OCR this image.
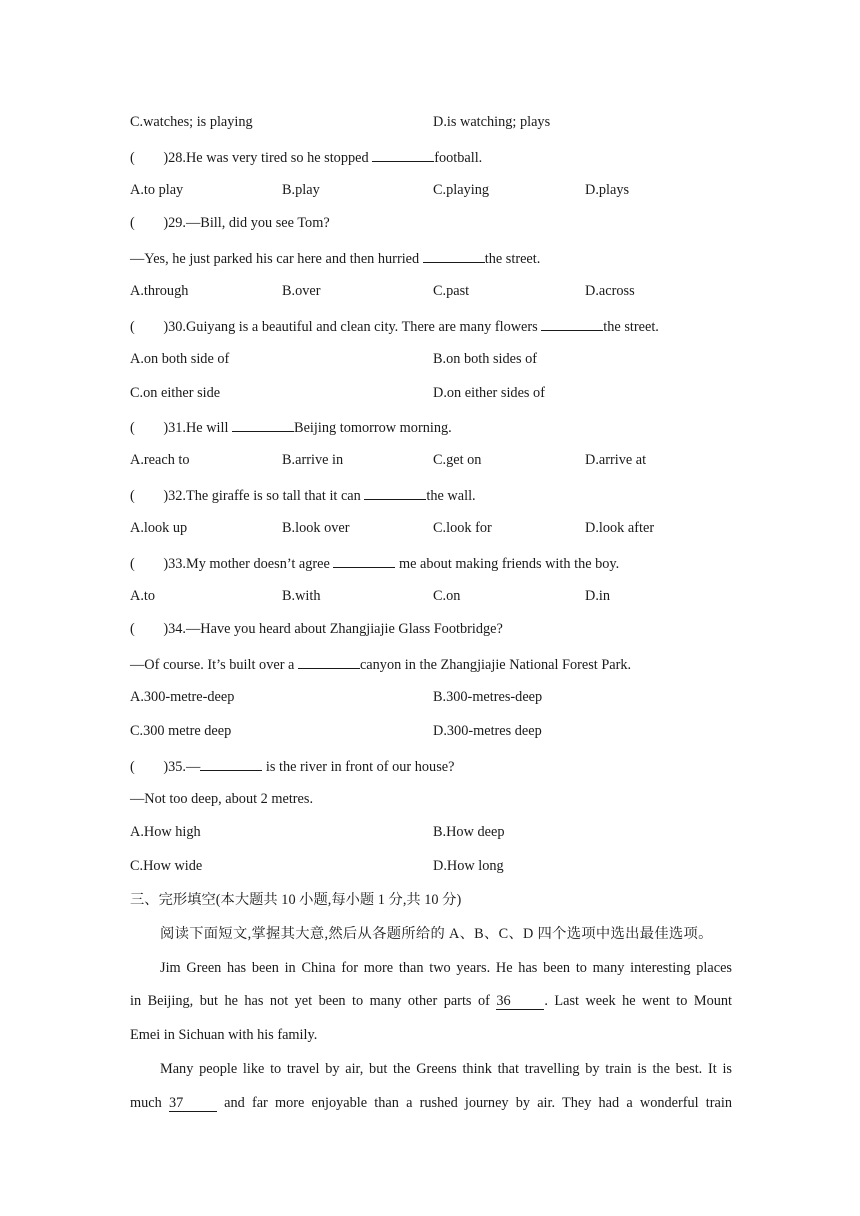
C.watches; is playing	D.is watching; plays
(　　)28.He was very tired so he stopped	football.
A.to play	B.play	C.playing	D.plays
(　　)29.—Bill, did you see Tom?
—Yes, he just parked his car here and then hurried	the street.
A.through	B.over	C.past	D.across
(　　)30.Guiyang is a beautiful and clean city. There are many flowers	the street.
A.on both side of	B.on both sides of
C.on either side	D.on either sides of
(　　)31.He will	Beijing tomorrow morning.
A.reach to	B.arrive in	C.get on	D.arrive at
(　　)32.The giraffe is so tall that it can	the wall.
A.look up	B.look over	C.look for	D.look after
(　　)33.My mother doesn’t agree	me about making friends with the boy.
A.to	B.with	C.on	D.in
(　　)34.—Have you heard about Zhangjiajie Glass Footbridge?
—Of course. It’s built over a	canyon in the Zhangjiajie National Forest Park.
A.300-metre-deep	B.300-metres-deep
C.300 metre deep	D.300-metres deep
(　　)35.—	is the river in front of our house?
—Not too deep, about 2 metres.
A.How high	B.How deep
C.How wide	D.How long
三、完形填空(本大题共 10 小题,每小题 1 分,共 10 分)
阅读下面短文,掌握其大意,然后从各题所给的 A、B、C、D 四个选项中选出最佳选项。
Jim Green has been in China for more than two years. He has been to many interesting places
in Beijing, but he has not yet been to many other parts of 36 . Last week he went to Mount
Emei in Sichuan with his family.
Many people like to travel by air, but the Greens think that travelling by train is the best. It is
much 37 and far more enjoyable than a rushed journey by air. They had a wonderful train
